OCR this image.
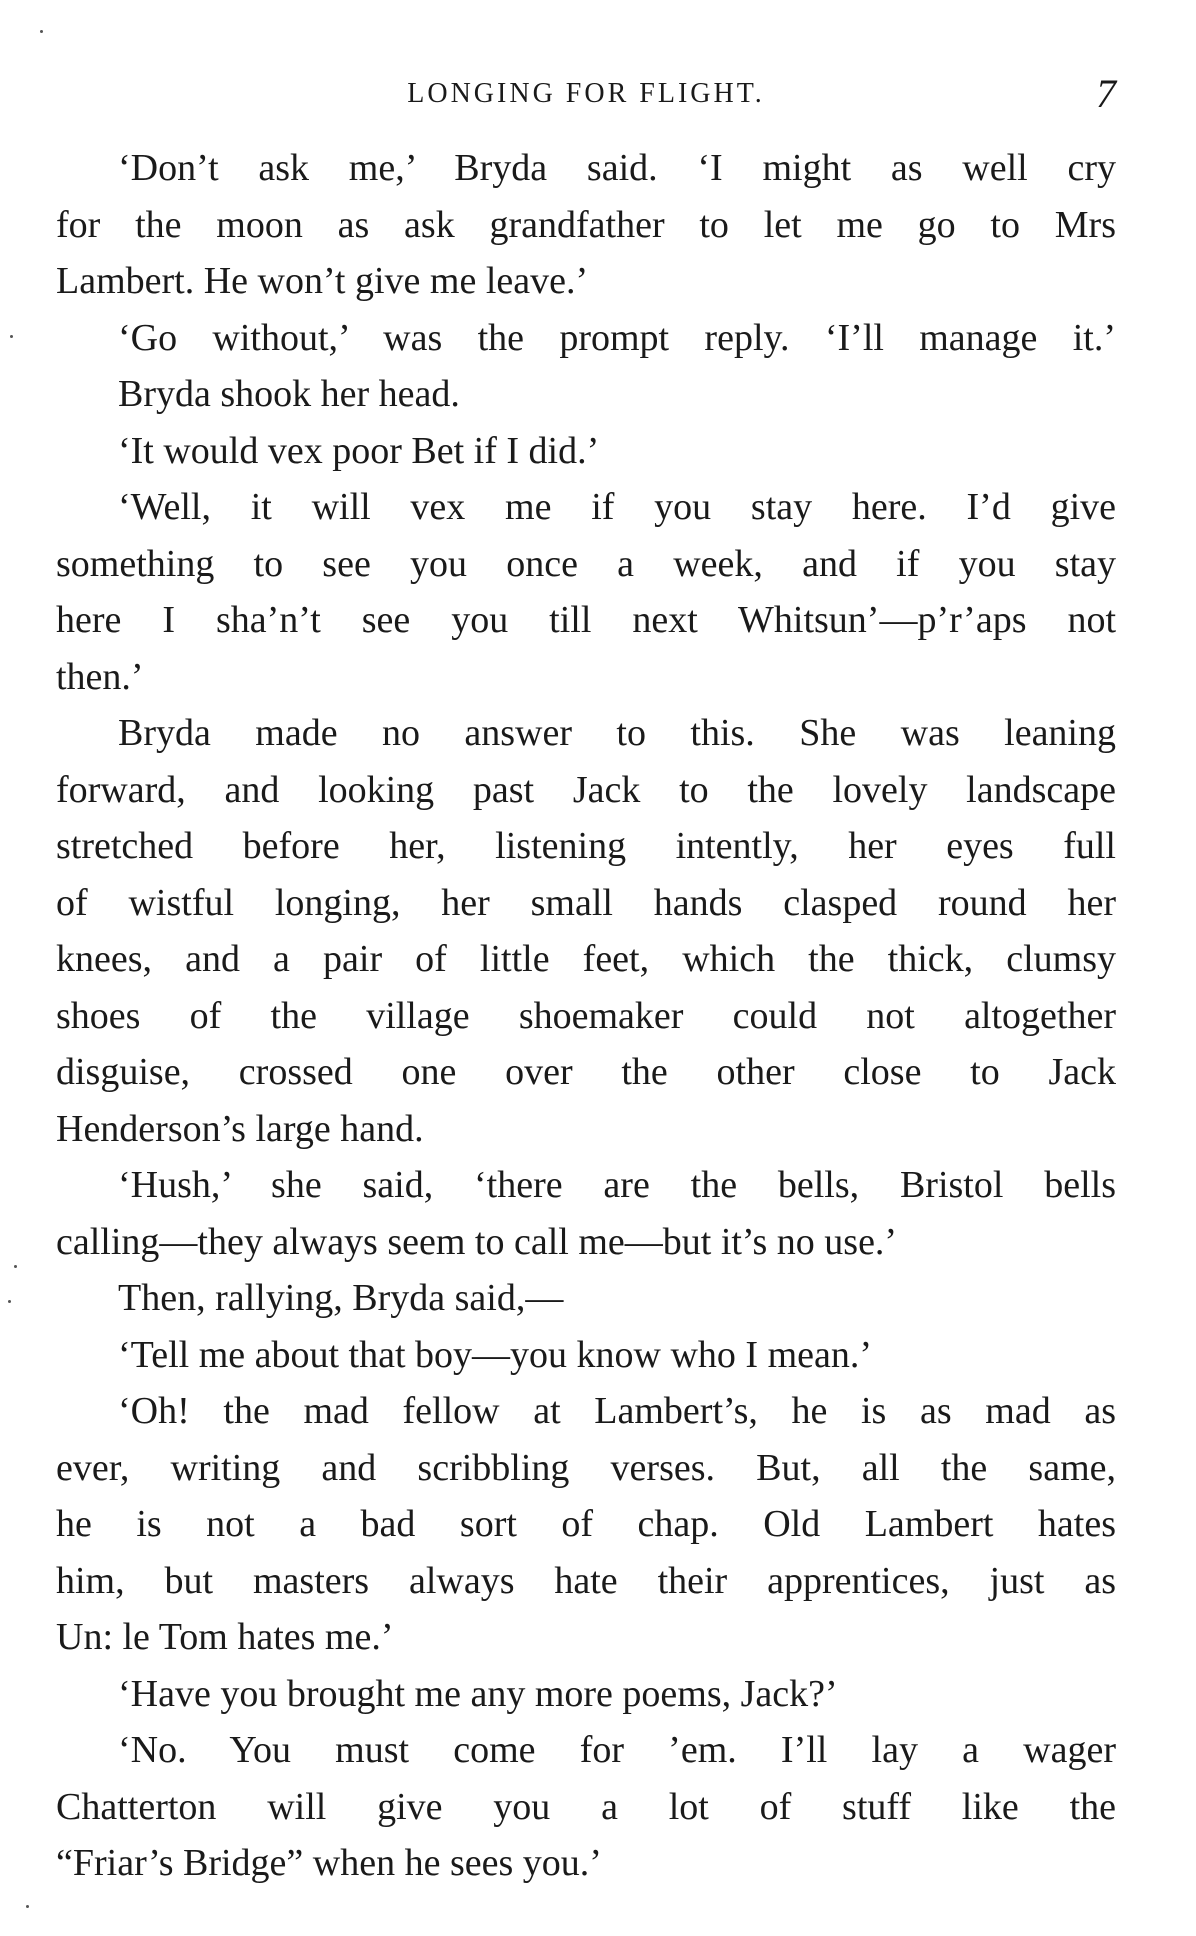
LONGING FOR FLIGHT.	7
‘Don’t ask me,’ Bryda said. ‘I might as well cry
for the moon as ask grandfather to let me go to Mrs
Lambert. He won’t give me leave.’
‘Go without,’ was the prompt reply. ‘I’ll manage it.’
Bryda shook her head.
‘It would vex poor Bet if I did.’
‘Well, it will vex me if you stay here. I’d give
something to see you once a week, and if you stay
here I sha’n’t see you till next Whitsun’—p’r’aps not
then.’
Bryda made no answer to this. She was leaning
forward, and looking past Jack to the lovely landscape
stretched before her, listening intently, her eyes full
of wistful longing, her small hands clasped round her
knees, and a pair of little feet, which the thick, clumsy
shoes of the village shoemaker could not altogether
disguise, crossed one over the other close to Jack
Henderson’s large hand.
‘Hush,’ she said, ‘there are the bells, Bristol bells
calling—they always seem to call me—but it’s no use.’
Then, rallying, Bryda said,—
‘Tell me about that boy—you know who I mean.’
‘Oh! the mad fellow at Lambert’s, he is as mad as
ever, writing and scribbling verses. But, all the same,
he is not a bad sort of chap. Old Lambert hates
him, but masters always hate their apprentices, just as
Un: le Tom hates me.’
‘Have you brought me any more poems, Jack?’
‘No. You must come for ’em. I’ll lay a wager
Chatterton will give you a lot of stuff like the
“Friar’s Bridge” when he sees you.’
